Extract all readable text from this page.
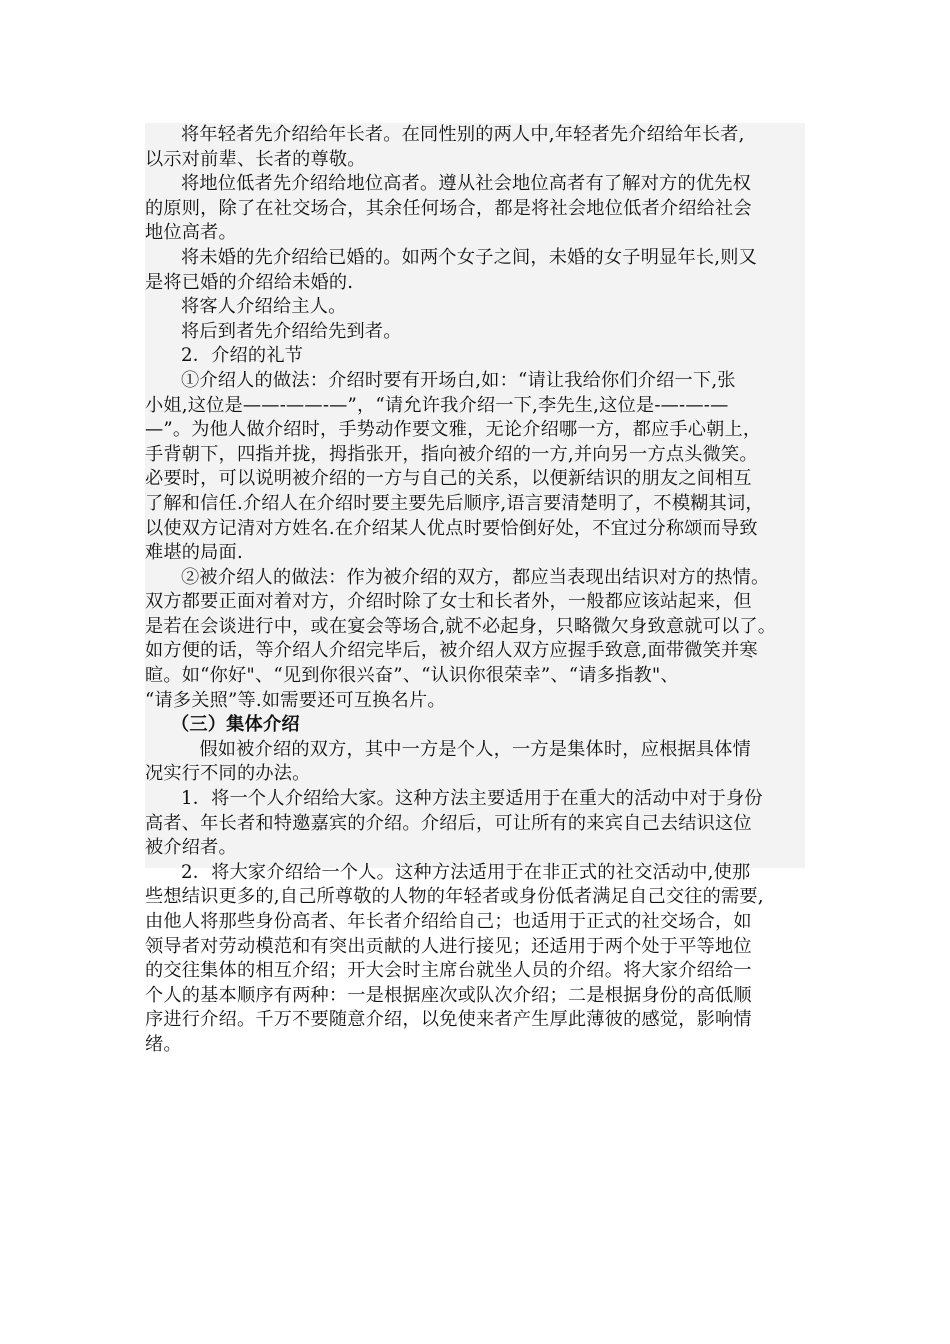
将年轻者先介绍给年长者。在同性别的两人中,年轻者先介绍给年长者,
以示对前辈、长者的尊敬。
将地位低者先介绍给地位高者。遵从社会地位高者有了解对方的优先权
的原则，除了在社交场合，其余任何场合，都是将社会地位低者介绍给社会
地位高者。
将未婚的先介绍给已婚的。如两个女子之间，未婚的女子明显年长,则又
是将已婚的介绍给未婚的.
将客人介绍给主人。
将后到者先介绍给先到者。
2．介绍的礼节
①介绍人的做法：介绍时要有开场白,如：“请让我给你们介绍一下,张
小姐,这位是——-——-—”，“请允许我介绍一下,李先生,这位是-—-—-—
—”。为他人做介绍时，手势动作要文雅，无论介绍哪一方，都应手心朝上，
手背朝下，四指并拢，拇指张开，指向被介绍的一方,并向另一方点头微笑。
必要时，可以说明被介绍的一方与自己的关系，以便新结识的朋友之间相互
了解和信任.介绍人在介绍时要主要先后顺序,语言要清楚明了，不模糊其词，
以使双方记清对方姓名.在介绍某人优点时要恰倒好处，不宜过分称颂而导致
难堪的局面.
②被介绍人的做法：作为被介绍的双方，都应当表现出结识对方的热情。
双方都要正面对着对方，介绍时除了女士和长者外，一般都应该站起来，但
是若在会谈进行中，或在宴会等场合,就不必起身，只略微欠身致意就可以了。
如方便的话，等介绍人介绍完毕后，被介绍人双方应握手致意,面带微笑并寒
暄。如“你好"、“见到你很兴奋”、“认识你很荣幸”、“请多指教"、
“请多关照”等.如需要还可互换名片。
（三）集体介绍
　假如被介绍的双方，其中一方是个人，一方是集体时，应根据具体情
况实行不同的办法。
1．将一个人介绍给大家。这种方法主要适用于在重大的活动中对于身份
高者、年长者和特邀嘉宾的介绍。介绍后，可让所有的来宾自己去结识这位
被介绍者。
2．将大家介绍给一个人。这种方法适用于在非正式的社交活动中,使那
些想结识更多的,自己所尊敬的人物的年轻者或身份低者满足自己交往的需要,
由他人将那些身份高者、年长者介绍给自己；也适用于正式的社交场合，如
领导者对劳动模范和有突出贡献的人进行接见；还适用于两个处于平等地位
的交往集体的相互介绍；开大会时主席台就坐人员的介绍。将大家介绍给一
个人的基本顺序有两种：一是根据座次或队次介绍；二是根据身份的高低顺
序进行介绍。千万不要随意介绍，以免使来者产生厚此薄彼的感觉，影响情
绪。
